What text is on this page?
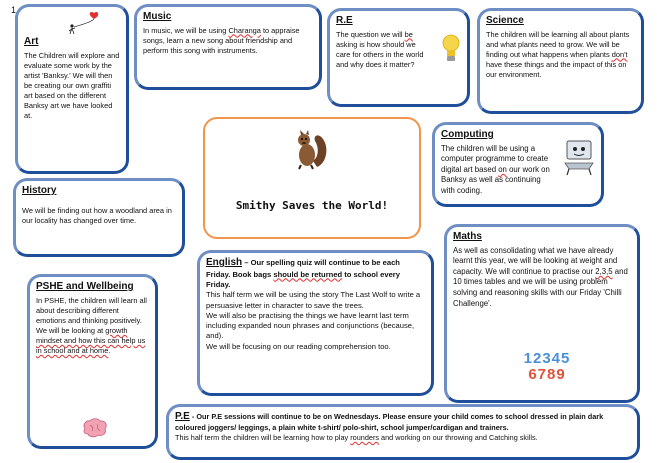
1
Art
The Children will explore and evaluate some work by the artist 'Banksy.' We will then be creating our own graffiti art based on the different Banksy art we have looked at.
Music
In music, we will be using Charanga to appraise songs, learn a new song about friendship and perform this song with instruments.
R.E
The question we will be asking is how should we care for others in the world and why does it matter?
Science
The children will be learning all about plants and what plants need to grow. We will be finding out what happens when plants don't have these things and the impact of this on our environment.
Smithy Saves the World!
Computing
The children will be using a computer programme to create digital art based on our work on Banksy as well as continuing with coding.
History
We will be finding out how a woodland area in our locality has changed over time.
Maths
As well as consolidating what we have already learnt this year, we will be looking at weight and capacity. We will continue to practise our 2,3,5 and 10 times tables and we will be using problem solving and reasoning skills with our Friday 'Chilli Challenge'.
12345
6789
PSHE and Wellbeing
In PSHE, the children will learn all about describing different emotions and thinking positively. We will be looking at growth mindset and how this can help us in school and at home.
English – Our spelling quiz will continue to be each Friday. Book bags should be returned to school every Friday.
This half term we will be using the story The Last Wolf to write a persuasive letter in character to save the trees.
We will also be practising the things we have learnt last term including expanded noun phrases and conjunctions (because, and).
We will be focusing on our reading comprehension too.
P.E - Our P.E sessions will continue to be on Wednesdays. Please ensure your child comes to school dressed in plain dark coloured joggers/ leggings, a plain white t-shirt/ polo-shirt, school jumper/cardigan and trainers.
This half term the children will be learning how to play rounders and working on our throwing and Catching skills.
